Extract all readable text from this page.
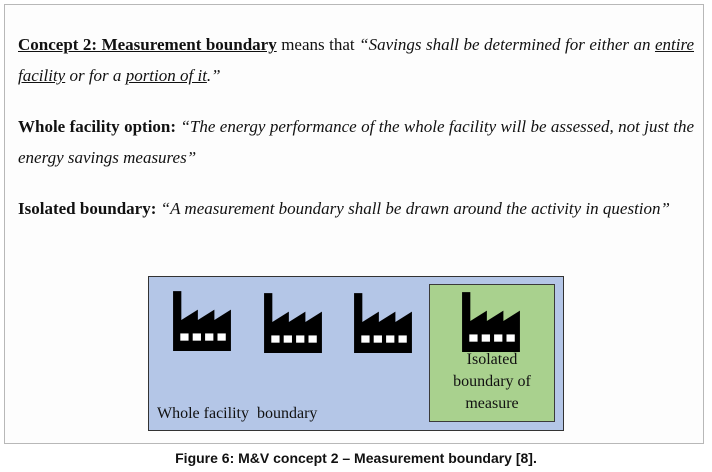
Concept 2: Measurement boundary means that “Savings shall be determined for either an entire facility or for a portion of it.”
Whole facility option: “The energy performance of the whole facility will be assessed, not just the energy savings measures”
Isolated boundary: “A measurement boundary shall be drawn around the activity in question”
Isolated
boundary of
measure
Whole facility  boundary
Figure 6: M&V concept 2 – Measurement boundary [8].
